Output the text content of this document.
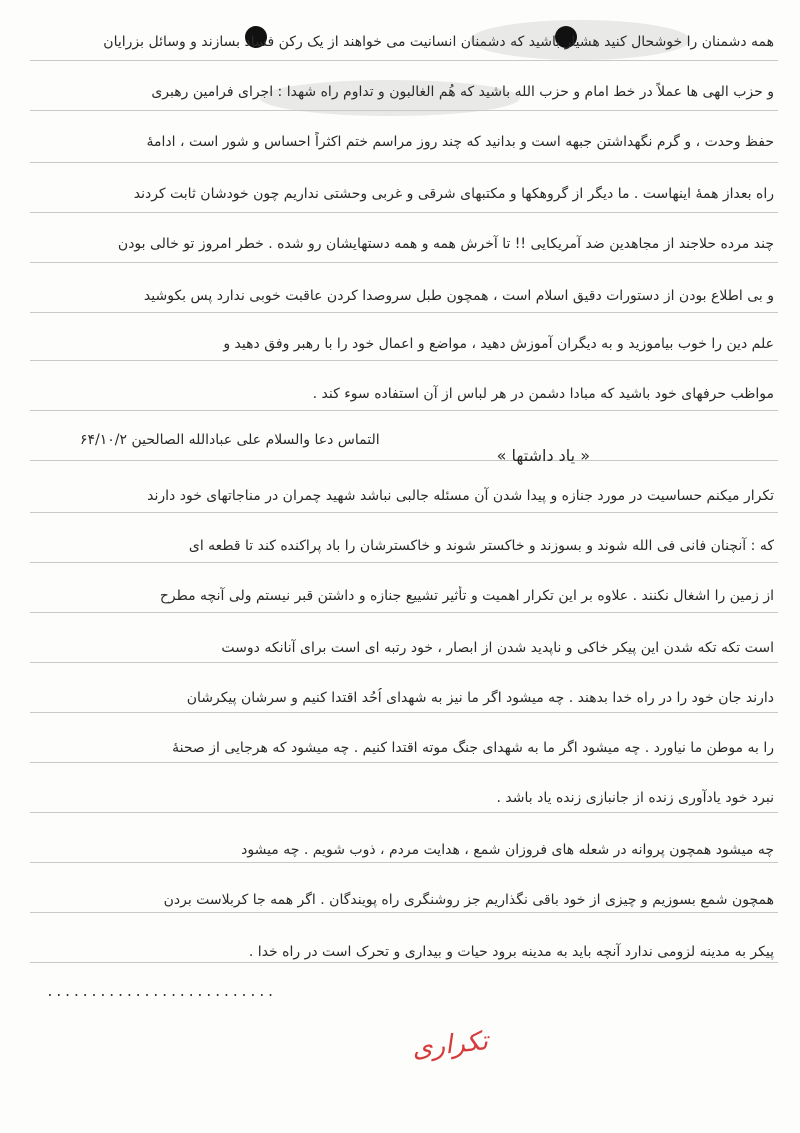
همه دشمنان را خوشحال کنید هشیار باشید که دشمنان انسانیت می خواهند از یک رکن فساد بسازند و وسائل بزرایان
و حزب الهی ها عملاً در خط امام و حزب الله باشید که هُم الغالبون و تداوم راه شهدا : اجرای فرامین رهبری
حفظ وحدت ، و گرم نگهداشتن جبهه است و بدانید که چند روز مراسم ختم اکثراً احساس و شور است ، ادامهٔ
راه بعداز همهٔ اینهاست . ما دیگر از گروهکها و مکتبهای شرقی و غربی وحشتی نداریم چون خودشان ثابت کردند
چند مرده حلاجند از مجاهدین ضد آمریکایی !! تا آخرش همه و همه دستهایشان رو شده . خطر امروز تو خالی بودن
و بی اطلاع بودن از دستورات دقیق اسلام است ، همچون طبل سروصدا کردن عاقبت خوبی ندارد پس بکوشید
علم دین را خوب بیاموزید و به دیگران آموزش دهید ، مواضع و اعمال خود را با رهبر وفق دهید و
مواظب حرفهای خود باشید که مبادا دشمن در هر لباس از آن استفاده سوء کند .
التماس دعا والسلام علی عبادالله الصالحین ۶۴/۱۰/۲
« یاد داشتها »
تکرار میکنم حساسیت در مورد جنازه و پیدا شدن آن مسئله جالبی نباشد شهید چمران در مناجاتهای خود دارند
که : آنچنان فانی فی الله شوند و بسوزند و خاکستر شوند و خاکسترشان را باد پراکنده کند تا قطعه ای
از زمین را اشغال نکنند . علاوه بر این تکرار اهمیت و تأثیر تشییع جنازه و داشتن قبر نیستم ولی آنچه مطرح
است تکه تکه شدن این پیکر خاکی و ناپدید شدن از ابصار ، خود رتبه ای است برای آنانکه دوست
دارند جان خود را در راه خدا بدهند . چه میشود اگر ما نیز به شهدای اُحُد اقتدا کنیم و سرشان پیکرشان
را به موطن ما نیاورد . چه میشود اگر ما به شهدای جنگ موته اقتدا کنیم . چه میشود که هرجایی از صحنهٔ
نبرد خود یادآوری زنده از جانبازی زنده یاد باشد .
چه میشود همچون پروانه در شعله های فروزان شمع ، هدایت مردم ، ذوب شویم . چه میشود
همچون شمع بسوزیم و چیزی از خود باقی نگذاریم جز روشنگری راه پویندگان . اگر همه جا کربلاست بردن
پیکر به مدینه لزومی ندارد آنچه باید به مدینه برود حیات و بیداری و تحرک است در راه خدا .
..........................
تکراری
